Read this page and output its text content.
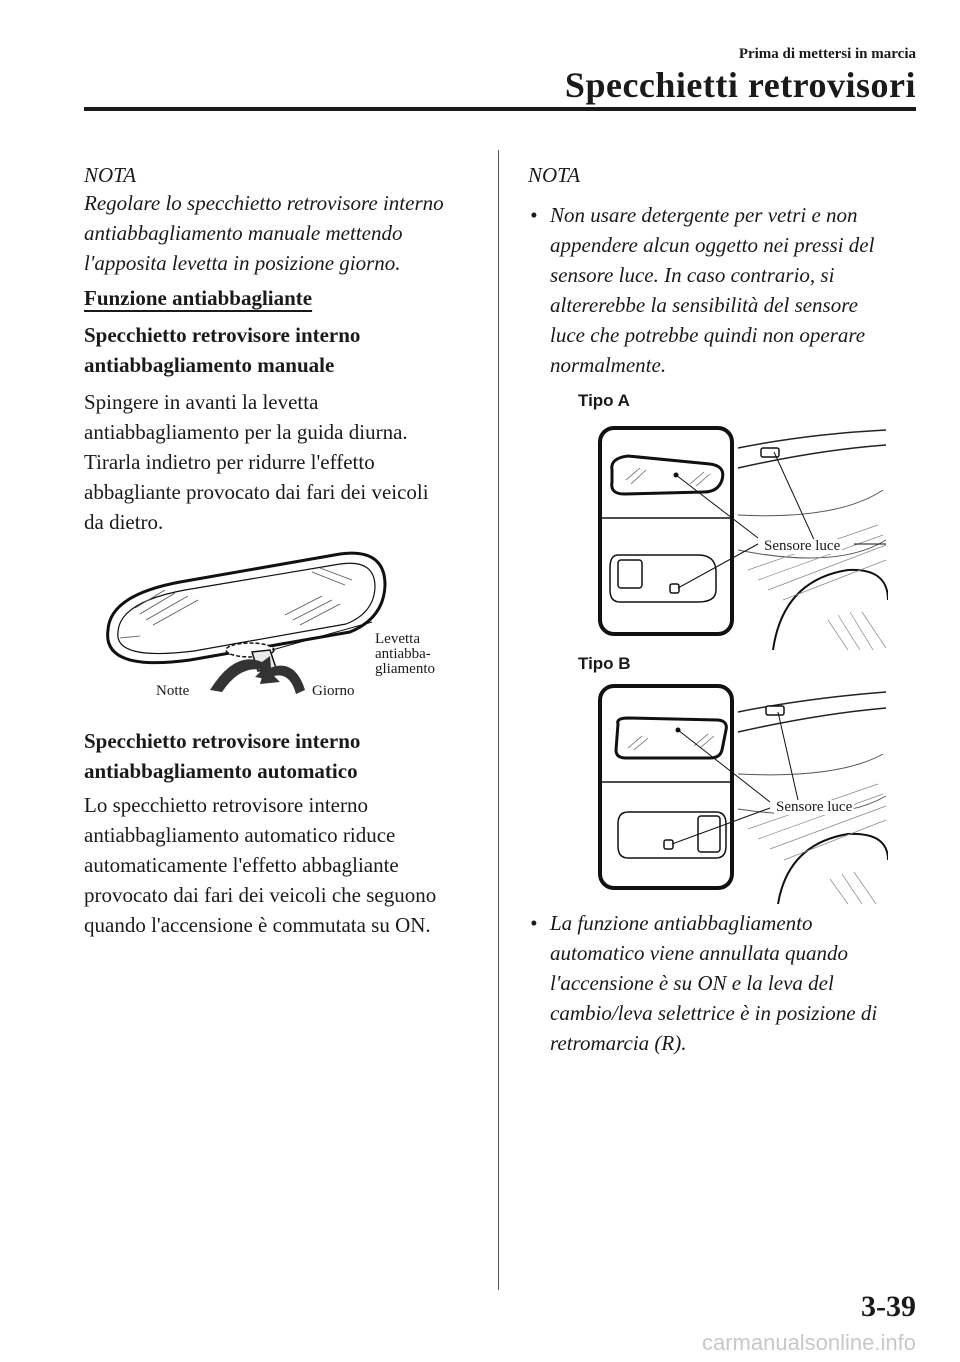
Prima di mettersi in marcia
Specchietti retrovisori
NOTA
Regolare lo specchietto retrovisore interno
antiabbagliamento manuale mettendo
l'apposita levetta in posizione giorno.
Funzione antiabbagliante
Specchietto retrovisore interno
antiabbagliamento manuale
Spingere in avanti la levetta
antiabbagliamento per la guida diurna.
Tirarla indietro per ridurre l'effetto
abbagliante provocato dai fari dei veicoli
da dietro.
Levetta
antiabba-
gliamento
Notte	Giorno
Specchietto retrovisore interno
antiabbagliamento automatico
Lo specchietto retrovisore interno
antiabbagliamento automatico riduce
automaticamente l'effetto abbagliante
provocato dai fari dei veicoli che seguono
quando l'accensione è commutata su ON.
NOTA
• Non usare detergente per vetri e non
appendere alcun oggetto nei pressi del
sensore luce. In caso contrario, si
altererebbe la sensibilità del sensore
luce che potrebbe quindi non operare
normalmente.
Tipo A
Sensore luce
Tipo B
Sensore luce
• La funzione antiabbagliamento
automatico viene annullata quando
l'accensione è su ON e la leva del
cambio/leva selettrice è in posizione di
retromarcia (R).
3-39
carmanualsonline.info
